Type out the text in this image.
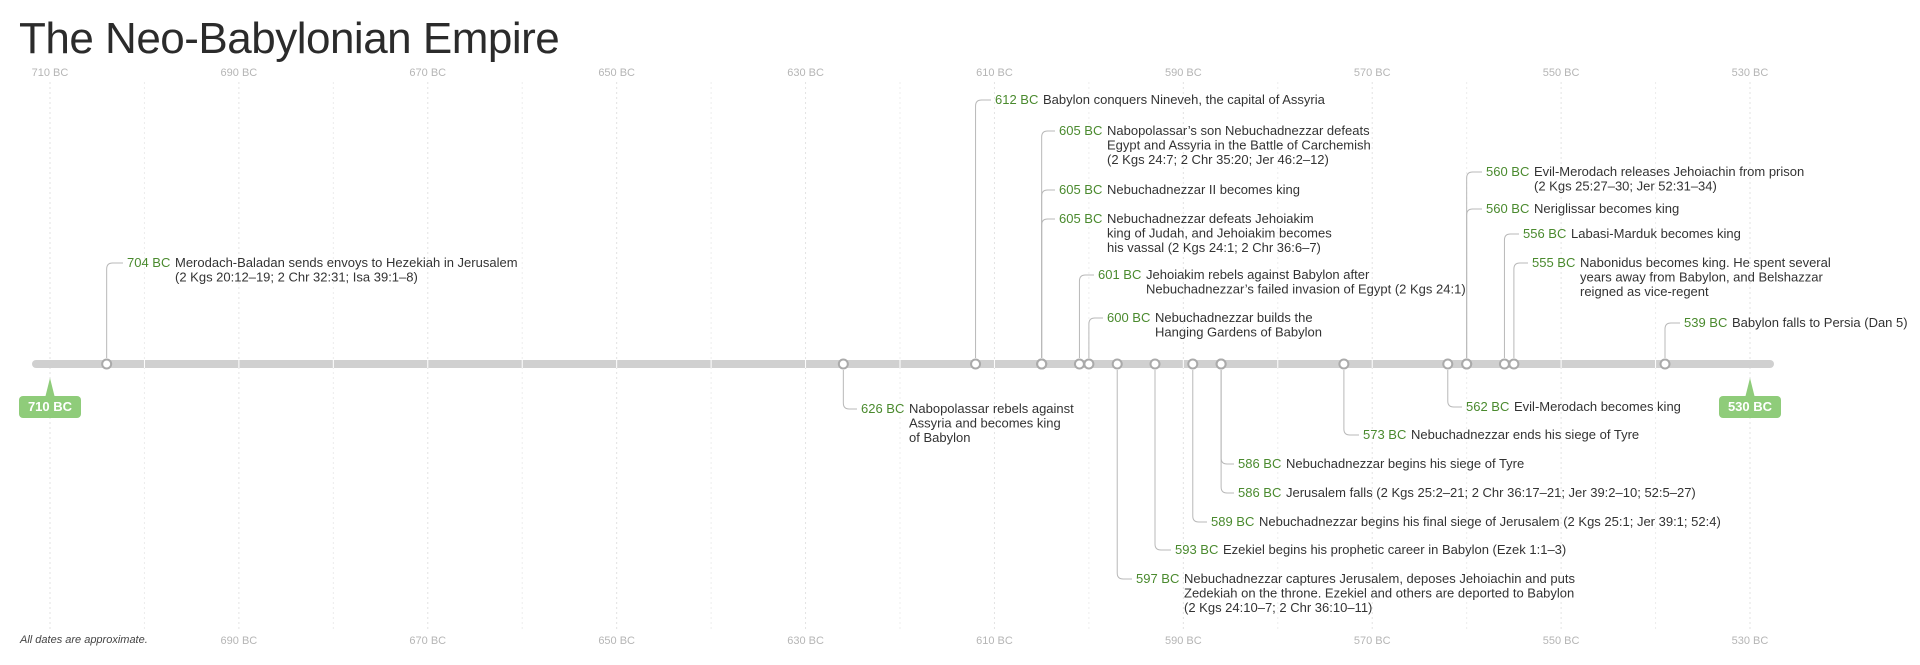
The Neo-Babylonian Empire
710 BC	690 BC	670 BC	650 BC	630 BC	610 BC	590 BC	570 BC	550 BC	530 BC
690 BC	670 BC	650 BC	630 BC	610 BC	590 BC	570 BC	550 BC	530 BC
710 BC	530 BC
704 BC Merodach-Baladan sends envoys to Hezekiah in Jerusalem
(2 Kgs 20:12–19; 2 Chr 32:31; Isa 39:1–8)
612 BC Babylon conquers Nineveh, the capital of Assyria
605 BC Nabopolassar’s son Nebuchadnezzar defeats
Egypt and Assyria in the Battle of Carchemish
(2 Kgs 24:7; 2 Chr 35:20; Jer 46:2–12)
605 BC Nebuchadnezzar II becomes king
605 BC Nebuchadnezzar defeats Jehoiakim
king of Judah, and Jehoiakim becomes
his vassal (2 Kgs 24:1; 2 Chr 36:6–7)
601 BC Jehoiakim rebels against Babylon after
Nebuchadnezzar’s failed invasion of Egypt (2 Kgs 24:1)
600 BC Nebuchadnezzar builds the
Hanging Gardens of Babylon
560 BC Evil-Merodach releases Jehoiachin from prison
(2 Kgs 25:27–30; Jer 52:31–34)
560 BC Neriglissar becomes king
556 BC Labasi-Marduk becomes king
555 BC Nabonidus becomes king. He spent several
years away from Babylon, and Belshazzar
reigned as vice-regent
539 BC Babylon falls to Persia (Dan 5)
626 BC Nabopolassar rebels against
Assyria and becomes king
of Babylon
562 BC Evil-Merodach becomes king
573 BC Nebuchadnezzar ends his siege of Tyre
586 BC Nebuchadnezzar begins his siege of Tyre
586 BC Jerusalem falls (2 Kgs 25:2–21; 2 Chr 36:17–21; Jer 39:2–10; 52:5–27)
589 BC Nebuchadnezzar begins his final siege of Jerusalem (2 Kgs 25:1; Jer 39:1; 52:4)
593 BC Ezekiel begins his prophetic career in Babylon (Ezek 1:1–3)
597 BC Nebuchadnezzar captures Jerusalem, deposes Jehoiachin and puts
Zedekiah on the throne. Ezekiel and others are deported to Babylon
(2 Kgs 24:10–7; 2 Chr 36:10–11)
All dates are approximate.
